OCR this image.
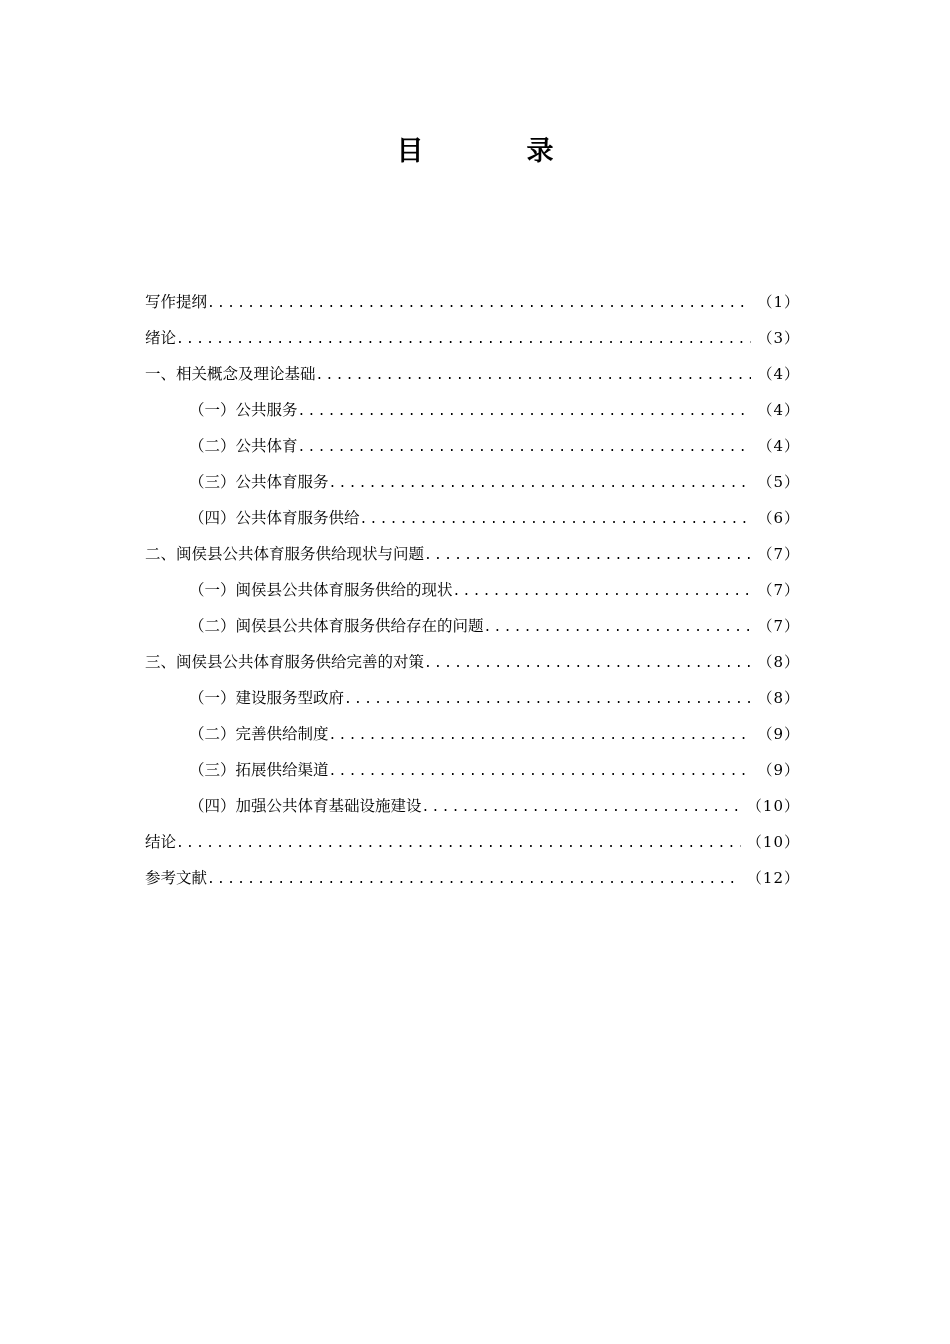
目　录
写作提纲 .....	（1）
绪论 .....	（3）
一、相关概念及理论基础 .....	（4）
（一）公共服务 .....	（4）
（二）公共体育 .....	（4）
（三）公共体育服务 .....	（5）
（四）公共体育服务供给 .....	（6）
二、闽侯县公共体育服务供给现状与问题 .....	（7）
（一）闽侯县公共体育服务供给的现状 .....	（7）
（二）闽侯县公共体育服务供给存在的问题 .....	（7）
三、闽侯县公共体育服务供给完善的对策 .....	（8）
（一）建设服务型政府 .....	（8）
（二）完善供给制度 .....	（9）
（三）拓展供给渠道 .....	（9）
（四）加强公共体育基础设施建设 .....	（10）
结论 .....	（10）
参考文献 .....	（12）
